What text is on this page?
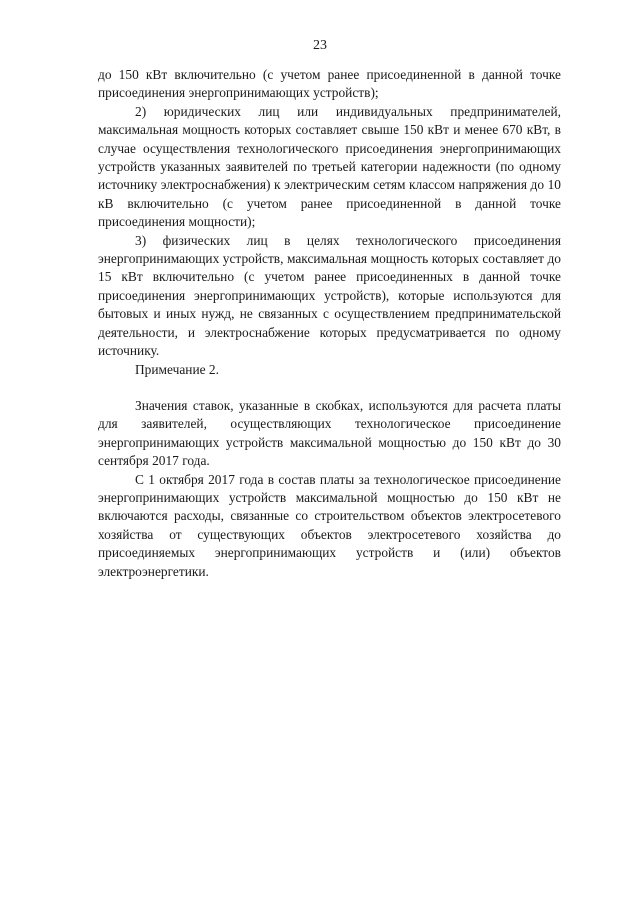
23

до 150 кВт включительно (с учетом ранее присоединенной в данной точке присоединения энергопринимающих устройств);

2) юридических лиц или индивидуальных предпринимателей, максимальная мощность которых составляет свыше 150 кВт и менее 670 кВт, в случае осуществления технологического присоединения энергопринимающих устройств указанных заявителей по третьей категории надежности (по одному источнику электроснабжения) к электрическим сетям классом напряжения до 10 кВ включительно (с учетом ранее присоединенной в данной точке присоединения мощности);

3) физических лиц в целях технологического присоединения энергопринимающих устройств, максимальная мощность которых составляет до 15 кВт включительно (с учетом ранее присоединенных в данной точке присоединения энергопринимающих устройств), которые используются для бытовых и иных нужд, не связанных с осуществлением предпринимательской деятельности, и электроснабжение которых предусматривается по одному источнику.

Примечание 2.

Значения ставок, указанные в скобках, используются для расчета платы для заявителей, осуществляющих технологическое присоединение энергопринимающих устройств максимальной мощностью до 150 кВт до 30 сентября 2017 года.

С 1 октября 2017 года в состав платы за технологическое присоединение энергопринимающих устройств максимальной мощностью до 150 кВт не включаются расходы, связанные со строительством объектов электросетевого хозяйства от существующих объектов электросетевого хозяйства до присоединяемых энергопринимающих устройств и (или) объектов электроэнергетики.
